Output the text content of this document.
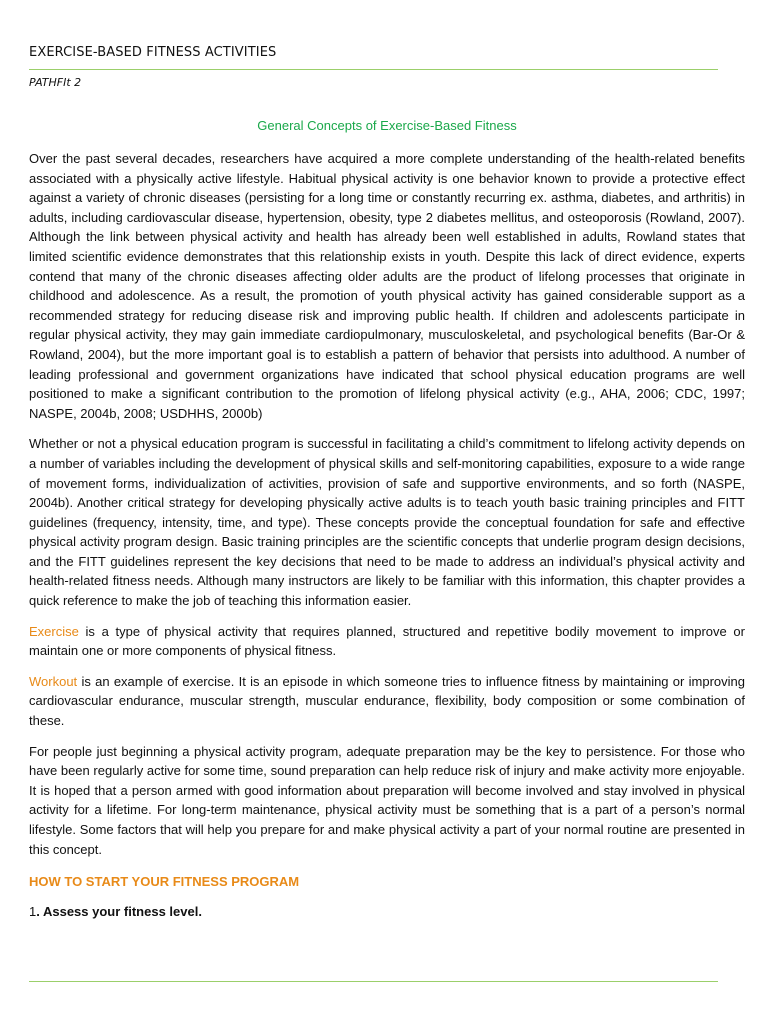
EXERCISE-BASED FITNESS ACTIVITIES
PATHFIt 2
General Concepts of Exercise-Based Fitness

Over the past several decades, researchers have acquired a more complete understanding of the health-related benefits associated with a physically active lifestyle. Habitual physical activity is one behavior known to provide a protective effect against a variety of chronic diseases (persisting for a long time or constantly recurring ex. asthma, diabetes, and arthritis) in adults, including cardiovascular disease, hypertension, obesity, type 2 diabetes mellitus, and osteoporosis (Rowland, 2007). Although the link between physical activity and health has already been well established in adults, Rowland states that limited scientific evidence demonstrates that this relationship exists in youth. Despite this lack of direct evidence, experts contend that many of the chronic diseases affecting older adults are the product of lifelong processes that originate in childhood and adolescence. As a result, the promotion of youth physical activity has gained considerable support as a recommended strategy for reducing disease risk and improving public health. If children and adolescents participate in regular physical activity, they may gain immediate cardiopulmonary, musculoskeletal, and psychological benefits (Bar-Or & Rowland, 2004), but the more important goal is to establish a pattern of behavior that persists into adulthood. A number of leading professional and government organizations have indicated that school physical education programs are well positioned to make a significant contribution to the promotion of lifelong physical activity (e.g., AHA, 2006; CDC, 1997; NASPE, 2004b, 2008; USDHHS, 2000b)

Whether or not a physical education program is successful in facilitating a child’s commitment to lifelong activity depends on a number of variables including the development of physical skills and self-monitoring capabilities, exposure to a wide range of movement forms, individualization of activities, provision of safe and supportive environments, and so forth (NASPE, 2004b). Another critical strategy for developing physically active adults is to teach youth basic training principles and FITT guidelines (frequency, intensity, time, and type). These concepts provide the conceptual foundation for safe and effective physical activity program design. Basic training principles are the scientific concepts that underlie program design decisions, and the FITT guidelines represent the key decisions that need to be made to address an individual’s physical activity and health-related fitness needs. Although many instructors are likely to be familiar with this information, this chapter provides a quick reference to make the job of teaching this information easier.

Exercise is a type of physical activity that requires planned, structured and repetitive bodily movement to improve or maintain one or more components of physical fitness.

Workout is an example of exercise. It is an episode in which someone tries to influence fitness by maintaining or improving cardiovascular endurance, muscular strength, muscular endurance, flexibility, body composition or some combination of these.

For people just beginning a physical activity program, adequate preparation may be the key to persistence. For those who have been regularly active for some time, sound preparation can help reduce risk of injury and make activity more enjoyable. It is hoped that a person armed with good information about preparation will become involved and stay involved in physical activity for a lifetime. For long-term maintenance, physical activity must be something that is a part of a person’s normal lifestyle. Some factors that will help you prepare for and make physical activity a part of your normal routine are presented in this concept.

HOW TO START YOUR FITNESS PROGRAM

1. Assess your fitness level.
